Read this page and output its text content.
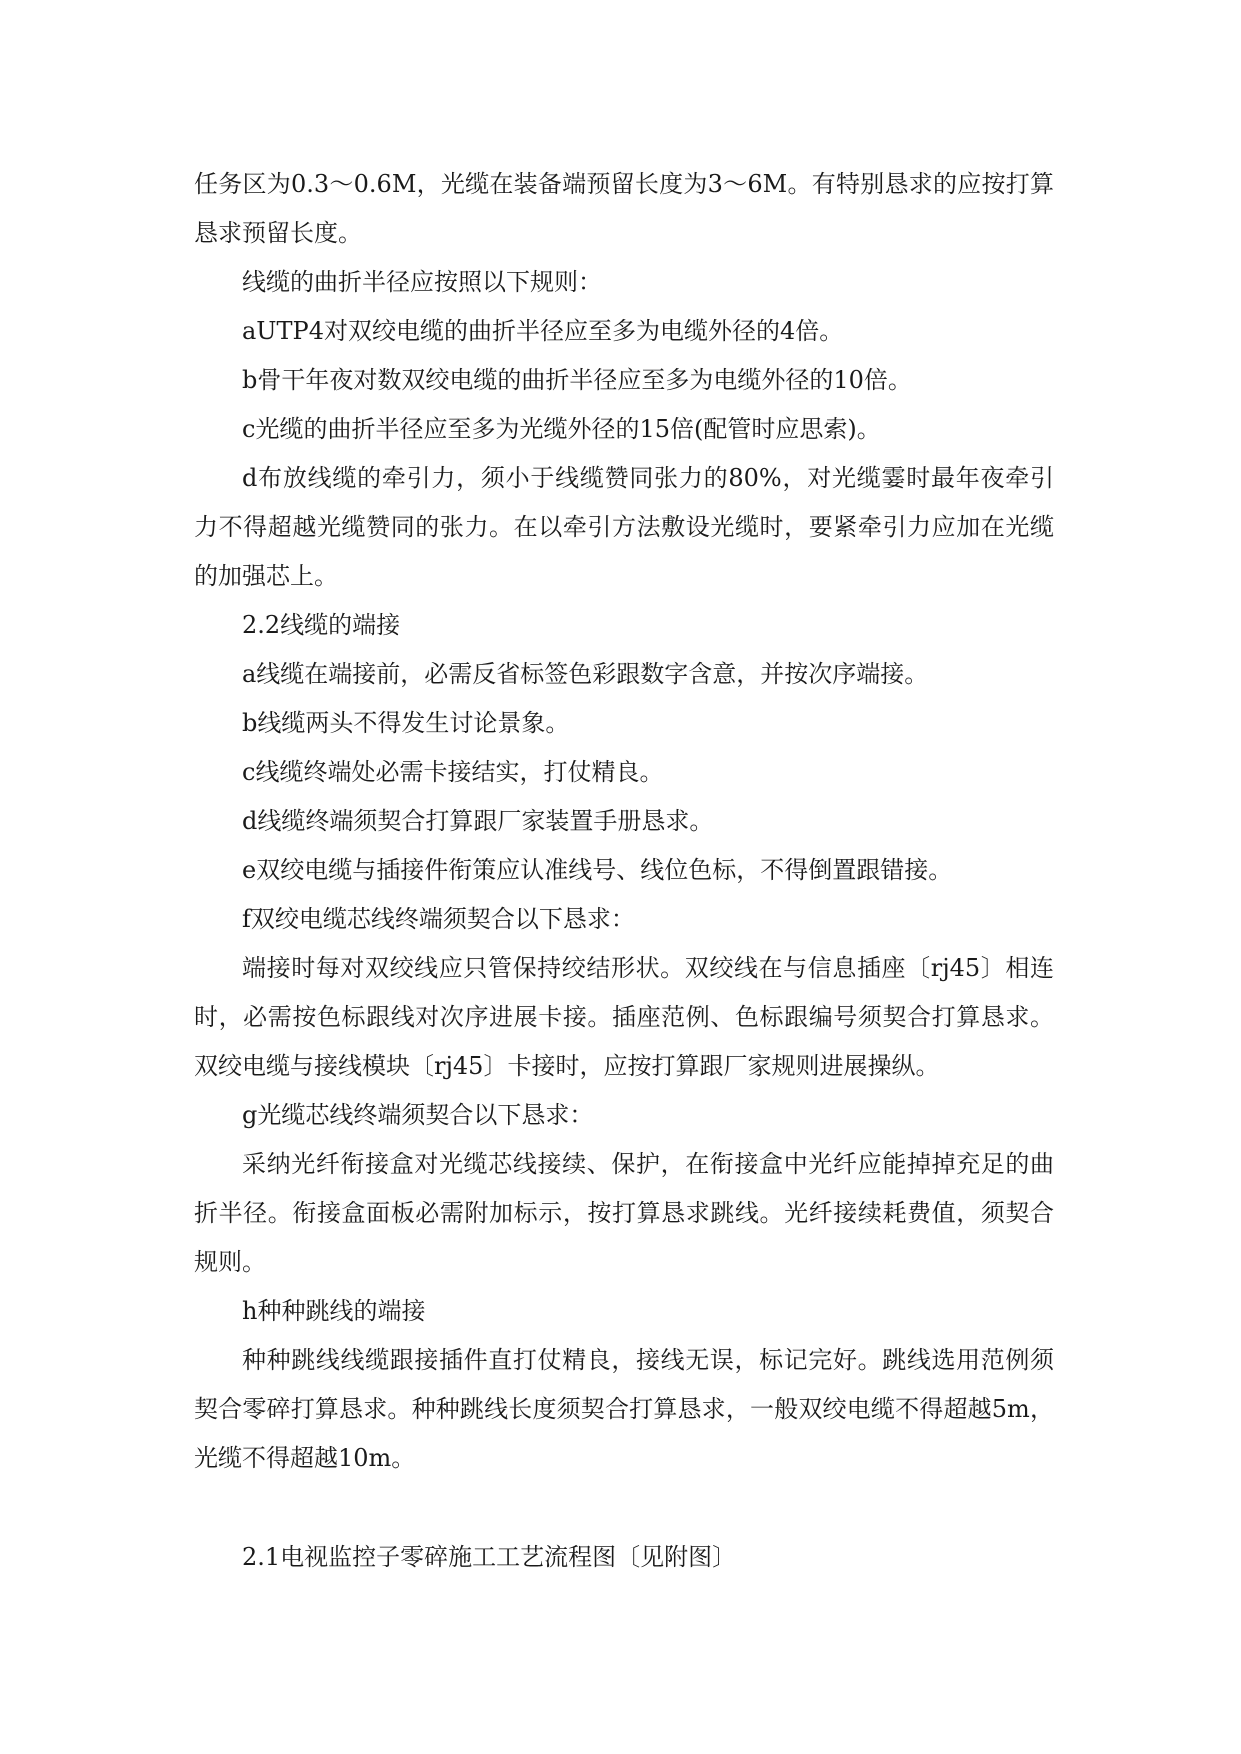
任务区为0.3～0.6M，光缆在装备端预留长度为3～6M。有特别恳求的应按打算恳求预留长度。

线缆的曲折半径应按照以下规则：

aUTP4对双绞电缆的曲折半径应至多为电缆外径的4倍。

b骨干年夜对数双绞电缆的曲折半径应至多为电缆外径的10倍。

c光缆的曲折半径应至多为光缆外径的15倍(配管时应思索)。

d布放线缆的牵引力，须小于线缆赞同张力的80%，对光缆霎时最年夜牵引力不得超越光缆赞同的张力。在以牵引方法敷设光缆时，要紧牵引力应加在光缆的加强芯上。

2.2线缆的端接

a线缆在端接前，必需反省标签色彩跟数字含意，并按次序端接。

b线缆两头不得发生讨论景象。

c线缆终端处必需卡接结实，打仗精良。

d线缆终端须契合打算跟厂家装置手册恳求。

e双绞电缆与插接件衔策应认准线号、线位色标，不得倒置跟错接。

f双绞电缆芯线终端须契合以下恳求：

端接时每对双绞线应只管保持绞结形状。双绞线在与信息插座〔rj45〕相连时，必需按色标跟线对次序进展卡接。插座范例、色标跟编号须契合打算恳求。双绞电缆与接线模块〔rj45〕卡接时，应按打算跟厂家规则进展操纵。

g光缆芯线终端须契合以下恳求：

采纳光纤衔接盒对光缆芯线接续、保护，在衔接盒中光纤应能掉掉充足的曲折半径。衔接盒面板必需附加标示，按打算恳求跳线。光纤接续耗费值，须契合规则。

h种种跳线的端接

种种跳线线缆跟接插件直打仗精良，接线无误，标记完好。跳线选用范例须契合零碎打算恳求。种种跳线长度须契合打算恳求，一般双绞电缆不得超越5m，光缆不得超越10m。

2.1电视监控子零碎施工工艺流程图〔见附图〕
